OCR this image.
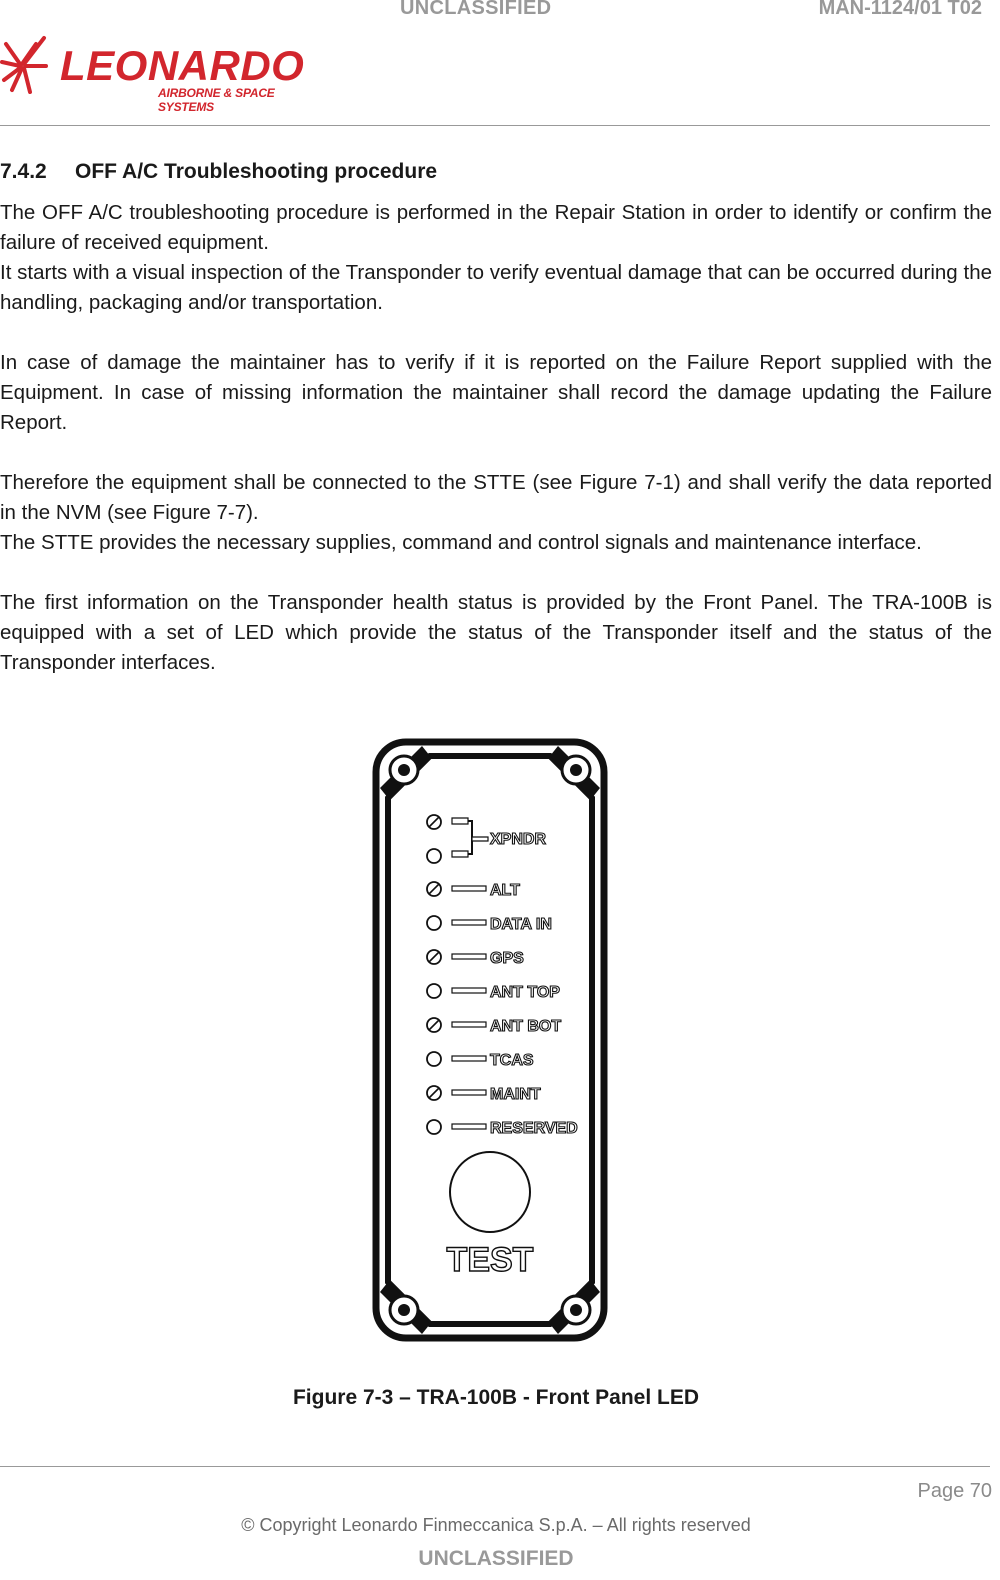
UNCLASSIFIED	MAN-1124/01 T02
LEONARDO
AIRBORNE & SPACE SYSTEMS
7.4.2 OFF A/C Troubleshooting procedure

The OFF A/C troubleshooting procedure is performed in the Repair Station in order to identify or confirm the failure of received equipment.

It starts with a visual inspection of the Transponder to verify eventual damage that can be occurred during the handling, packaging and/or transportation.

In case of damage the maintainer has to verify if it is reported on the Failure Report supplied with the Equipment. In case of missing information the maintainer shall record the damage updating the Failure Report.

Therefore the equipment shall be connected to the STTE (see Figure 7-1) and shall verify the data reported in the NVM (see Figure 7-7).

The STTE provides the necessary supplies, command and control signals and maintenance interface.

The first information on the Transponder health status is provided by the Front Panel. The TRA-100B is equipped with a set of LED which provide the status of the Transponder itself and the status of the Transponder interfaces.

XPNDR
ALT
DATA IN
GPS
ANT TOP
ANT BOT
TCAS
MAINT
RESERVED
TEST
Figure 7-3 – TRA-100B - Front Panel LED
Page 70
© Copyright Leonardo Finmeccanica S.p.A. – All rights reserved
UNCLASSIFIED
